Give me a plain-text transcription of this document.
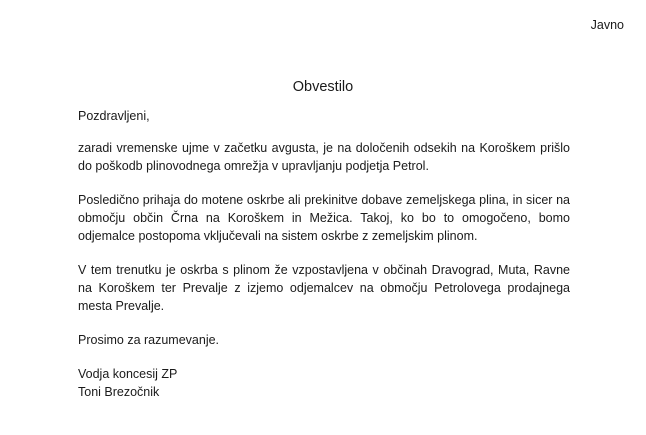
Javno
Obvestilo

Pozdravljeni,

zaradi vremenske ujme v začetku avgusta, je na določenih odsekih na Koroškem prišlo do poškodb plinovodnega omrežja v upravljanju podjetja Petrol.

Posledično prihaja do motene oskrbe ali prekinitve dobave zemeljskega plina, in sicer na območju občin Črna na Koroškem in Mežica. Takoj, ko bo to omogočeno, bomo odjemalce postopoma vključevali na sistem oskrbe z zemeljskim plinom.

V tem trenutku je oskrba s plinom že vzpostavljena v občinah Dravograd, Muta, Ravne na Koroškem ter Prevalje z izjemo odjemalcev na območju Petrolovega prodajnega mesta Prevalje.

Prosimo za razumevanje.

Vodja koncesij ZP
Toni Brezočnik
